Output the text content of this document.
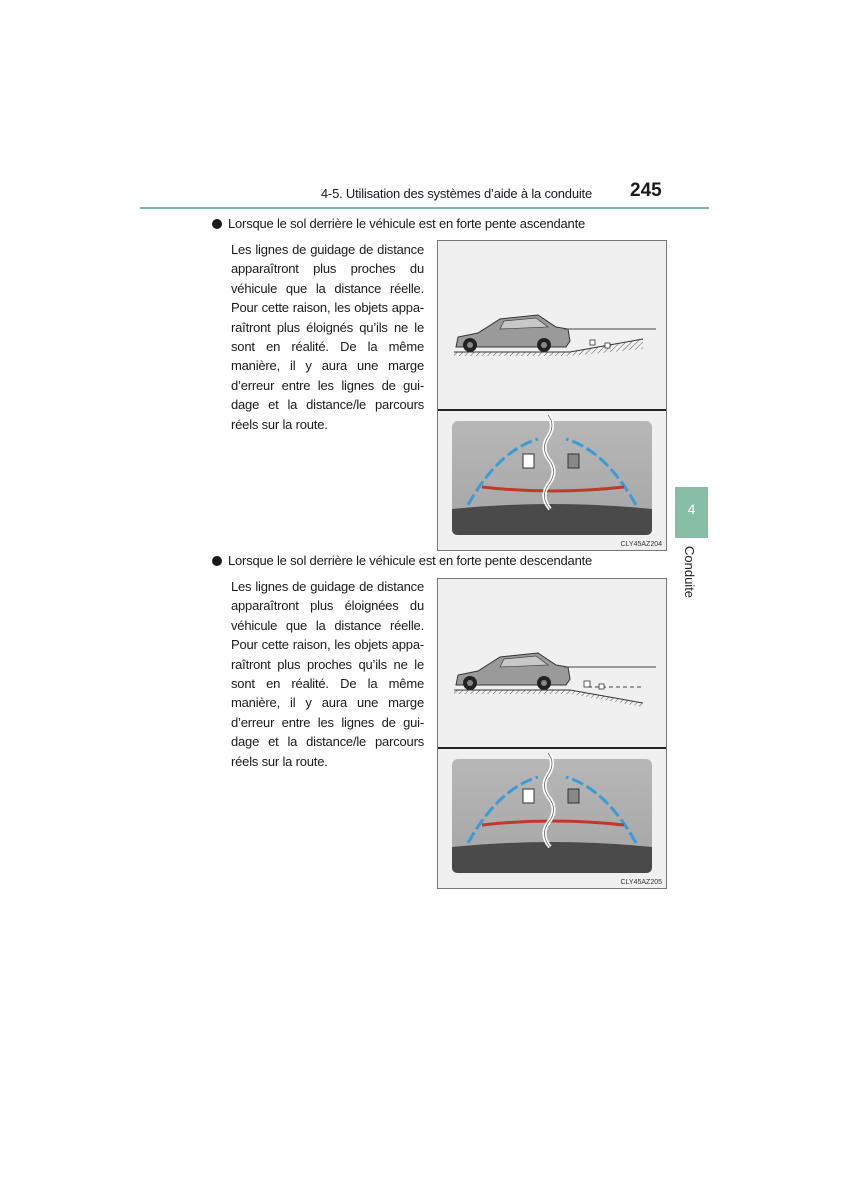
4-5. Utilisation des systèmes d’aide à la conduite 245
4
Conduite
Lorsque le sol derrière le véhicule est en forte pente ascendante
Les lignes de guidage de distance
apparaîtront plus proches du
véhicule que la distance réelle.
Pour cette raison, les objets appa-
raîtront plus éloignés qu’ils ne le
sont en réalité. De la même
manière, il y aura une marge
d’erreur entre les lignes de gui-
dage et la distance/le parcours
réels sur la route.
CLY45AZ204
Lorsque le sol derrière le véhicule est en forte pente descendante
Les lignes de guidage de distance
apparaîtront plus éloignées du
véhicule que la distance réelle.
Pour cette raison, les objets appa-
raîtront plus proches qu’ils ne le
sont en réalité. De la même
manière, il y aura une marge
d’erreur entre les lignes de gui-
dage et la distance/le parcours
réels sur la route.
CLY45AZ205
